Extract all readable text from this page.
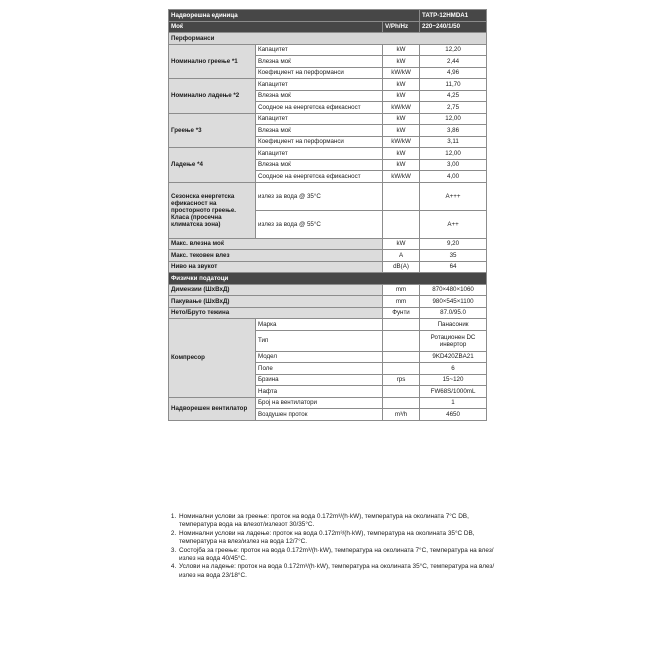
Надворешна единица			TATP-12HMDA1
Моќ		V/Ph/Hz	220~240/1/50
Перформанси			
Номинално греење *1	Капацитет	kW	12,20
	Влезна моќ	kW	2,44
	Коефициент на перформанси	kW/kW	4,96
Номинално ладење *2	Капацитет	kW	11,70
	Влезна моќ	kW	4,25
	Соодное на енергетска ефикасност	kW/kW	2,75
Греење *3	Капацитет	kW	12,00
	Влезна моќ	kW	3,86
	Коефициент на перформанси	kW/kW	3,11
Ладење *4	Капацитет	kW	12,00
	Влезна моќ	kW	3,00
	Соодное на енергетска ефикасност	kW/kW	4,00
Сезонска енергетска ефикасност на просторното греење. Класа (просечна климатска зона)	излез за вода @ 35°C		A+++
	излез за вода @ 55°C		A++
Макс. влезна моќ		kW	9,20
Макс. тековен влез		A	35
Ниво на звукот		dB(A)	64
Физички податоци			
Димензии (ШxВxД)		mm	870×480×1060
Пакување (ШxВxД)		mm	980×545×1100
Нето/Бруто тежина		Фунти	87.0/95.0
Компресор	Марка		Панасоник
	Тип		Ротационен DC инвертор
	Модел		9KD420ZBA21
	Поле		6
	Брзина	rps	15~120
	Нафта		FW68S/1000mL
Надворешен вентилатор	Број на вентилатори		1
	Воздушен проток	m³/h	4650
1. Номинални услови за греење: проток на вода 0.172m³/(h·kW), температура на околината 7°C DB, температура вода на влезот/излезот 30/35°C.
2. Номинални услови на ладење: проток на вода 0.172m³/(h·kW), температура на околината 35°C DB, температура на влез/излез на вода 12/7°C.
3. Состојба за греење: проток на вода 0.172m³/(h·kW), температура на околината 7°C, температура на влез/излез на вода 40/45°C.
4. Услови на ладење: проток на вода 0.172m³/(h·kW), температура на околината 35°C, температура на влез/излез на вода 23/18°C.
